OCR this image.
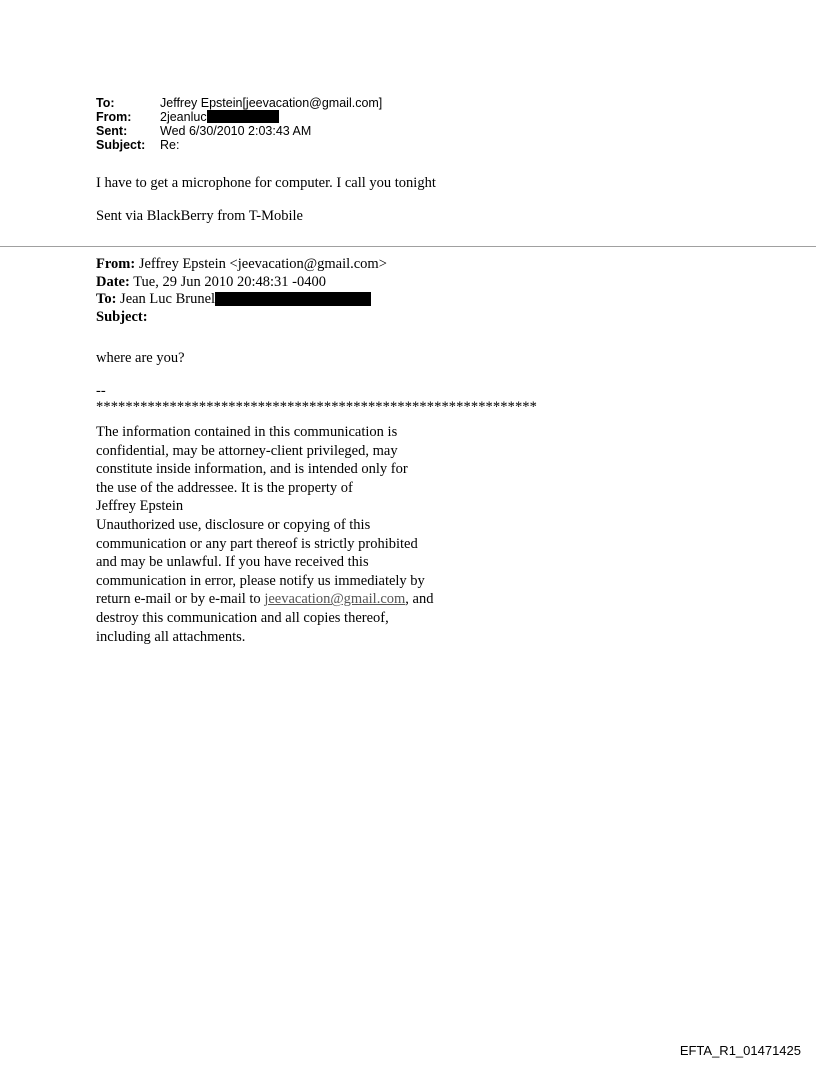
To:	Jeffrey Epstein[jeevacation@gmail.com]
From:	2jeanluc
Sent:	Wed 6/30/2010 2:03:43 AM
Subject:	Re:
I have to get a microphone for computer. I call you tonight
Sent via BlackBerry from T-Mobile
From: Jeffrey Epstein <jeevacation@gmail.com>
Date: Tue, 29 Jun 2010 20:48:31 -0400
To: Jean Luc Brunel
Subject:
where are you?
--
************************************************************
The information contained in this communication is
confidential, may be attorney-client privileged, may
constitute inside information, and is intended only for
the use of the addressee. It is the property of
Jeffrey Epstein
Unauthorized use, disclosure or copying of this
communication or any part thereof is strictly prohibited
and may be unlawful. If you have received this
communication in error, please notify us immediately by
return e-mail or by e-mail to jeevacation@gmail.com, and
destroy this communication and all copies thereof,
including all attachments.
EFTA_R1_01471425
